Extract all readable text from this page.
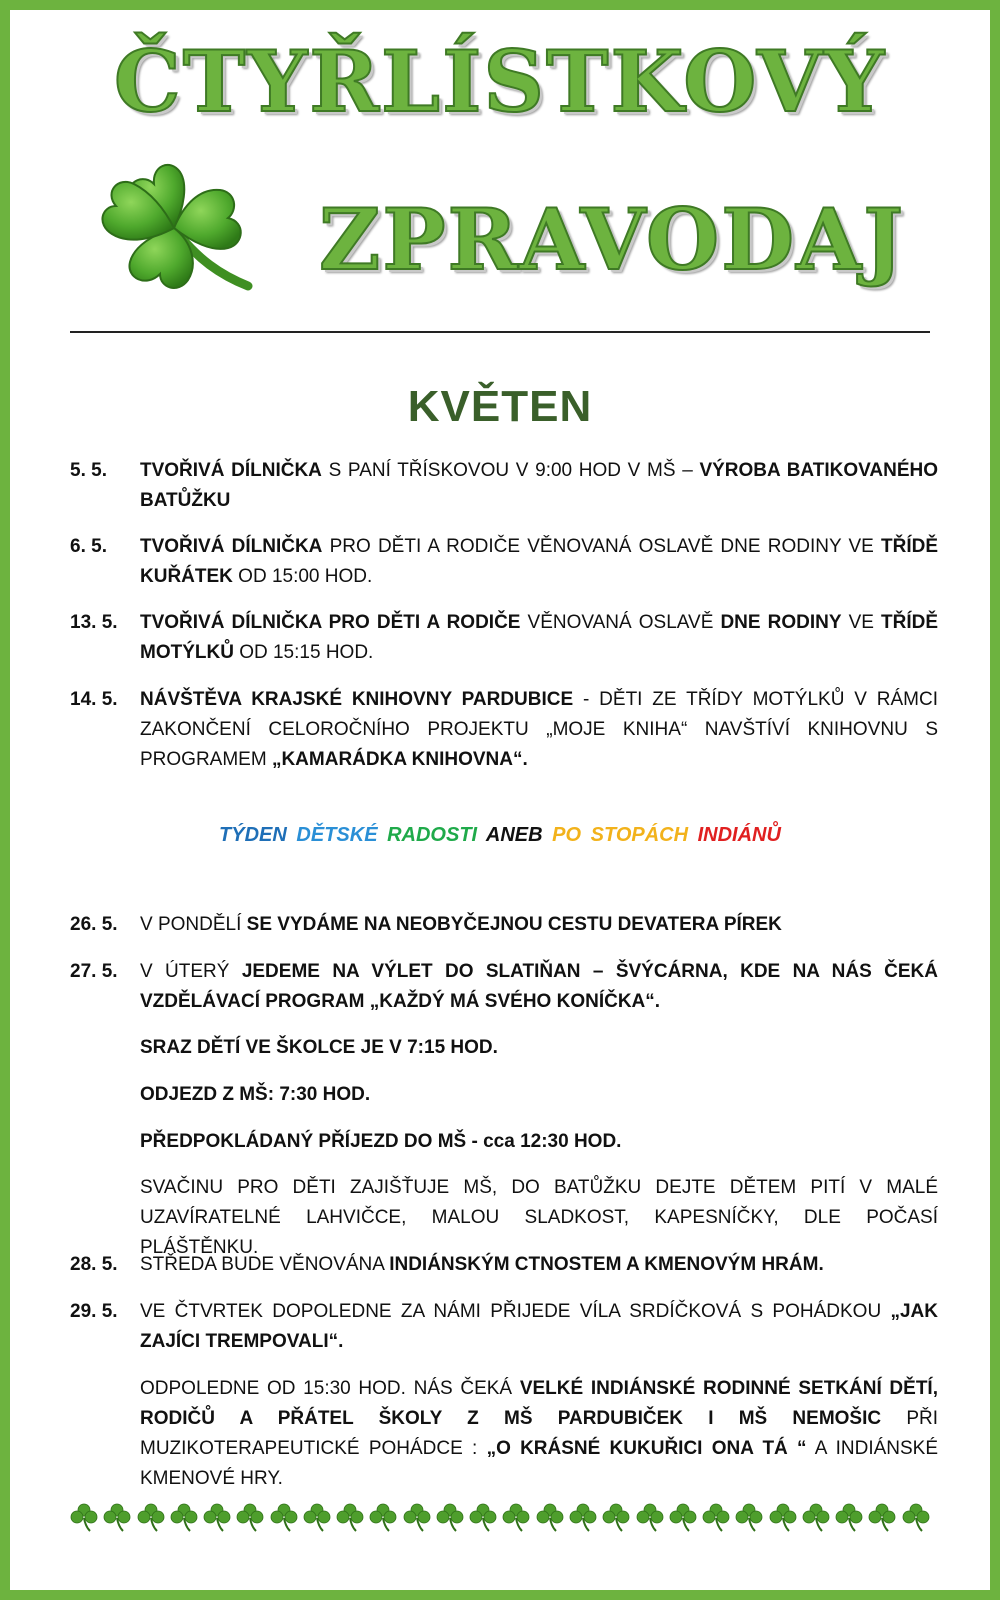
ČTYŘLÍSTKOVÝ
ZPRAVODAJ
KVĚTEN
5. 5.	TVOŘIVÁ DÍLNIČKA S PANÍ TŘÍSKOVOU V 9:00 HOD V MŠ – VÝROBA BATIKOVANÉHO BATŮŽKU
6. 5.	TVOŘIVÁ DÍLNIČKA PRO DĚTI A RODIČE VĚNOVANÁ OSLAVĚ DNE RODINY VE TŘÍDĚ KUŘÁTEK OD 15:00 HOD.
13. 5.	TVOŘIVÁ DÍLNIČKA PRO DĚTI A RODIČE VĚNOVANÁ OSLAVĚ DNE RODINY VE TŘÍDĚ MOTÝLKŮ OD 15:15 HOD.
14. 5.	NÁVŠTĚVA KRAJSKÉ KNIHOVNY PARDUBICE - DĚTI ZE TŘÍDY MOTÝLKŮ V RÁMCI ZAKONČENÍ CELOROČNÍHO PROJEKTU „MOJE KNIHA“ NAVŠTÍVÍ KNIHOVNU S PROGRAMEM „KAMARÁDKA KNIHOVNA“.
TÝDEN DĚTSKÉ RADOSTI ANEB PO STOPÁCH INDIÁNŮ
26. 5.	V PONDĚLÍ SE VYDÁME NA NEOBYČEJNOU CESTU DEVATERA PÍREK
27. 5.	V ÚTERÝ JEDEME NA VÝLET DO SLATIŇAN – ŠVÝCÁRNA, KDE NA NÁS ČEKÁ VZDĚLÁVACÍ PROGRAM „KAŽDÝ MÁ SVÉHO KONÍČKA“.
SRAZ DĚTÍ VE ŠKOLCE JE V 7:15 HOD.
ODJEZD Z MŠ: 7:30 HOD.
PŘEDPOKLÁDANÝ PŘÍJEZD DO MŠ - cca 12:30 HOD.
SVAČINU PRO DĚTI ZAJIŠŤUJE MŠ, DO BATŮŽKU DEJTE DĚTEM PITÍ V MALÉ UZAVÍRATELNÉ LAHVIČCE, MALOU SLADKOST, KAPESNÍČKY, DLE POČASÍ PLÁŠTĚNKU.
28. 5.	STŘEDA BUDE VĚNOVÁNA INDIÁNSKÝM CTNOSTEM A KMENOVÝM HRÁM.
29. 5.	VE ČTVRTEK DOPOLEDNE ZA NÁMI PŘIJEDE VÍLA SRDÍČKOVÁ S POHÁDKOU „JAK ZAJÍCI TREMPOVALI“.
ODPOLEDNE OD 15:30 HOD. NÁS ČEKÁ VELKÉ INDIÁNSKÉ RODINNÉ SETKÁNÍ DĚTÍ, RODIČŮ A PŘÁTEL ŠKOLY Z MŠ PARDUBIČEK I MŠ NEMOŠIC PŘI MUZIKOTERAPEUTICKÉ POHÁDCE : „O KRÁSNÉ KUKUŘICI ONA TÁ “ A INDIÁNSKÉ KMENOVÉ HRY.
